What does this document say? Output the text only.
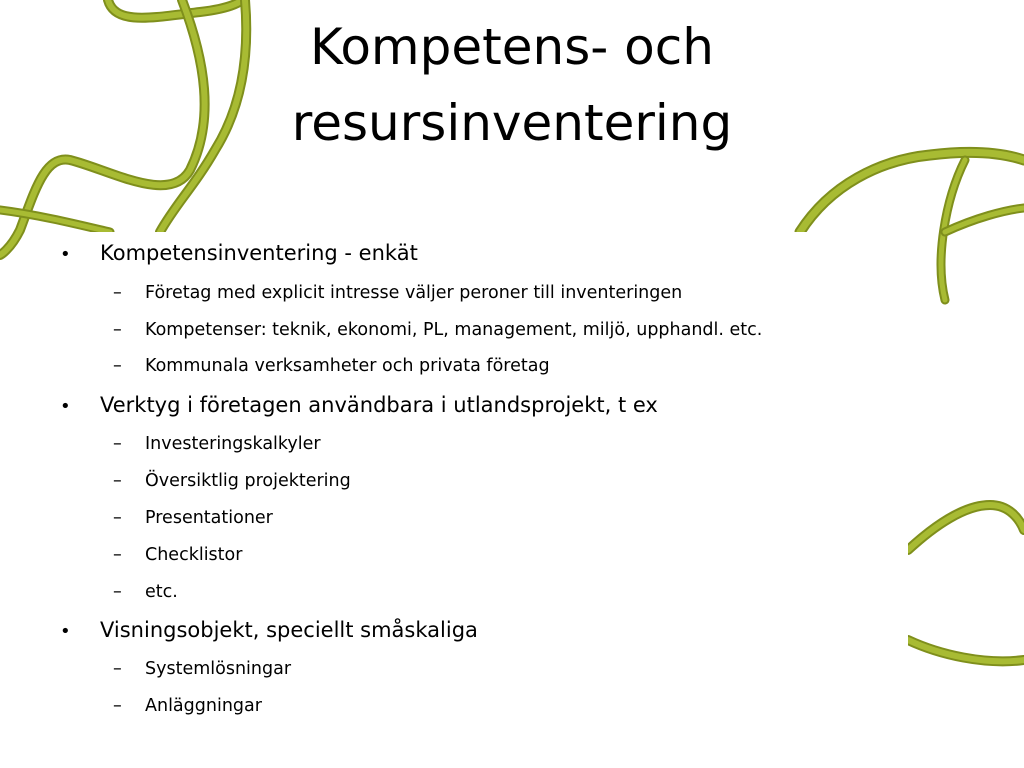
Kompetens- och
resursinventering
• Kompetensinventering - enkät
– Företag med explicit intresse väljer peroner till inventeringen
– Kompetenser: teknik, ekonomi, PL, management, miljö, upphandl. etc.
– Kommunala verksamheter och privata företag
• Verktyg i företagen användbara i utlandsprojekt, t ex
– Investeringskalkyler
– Översiktlig projektering
– Presentationer
– Checklistor
– etc.
• Visningsobjekt, speciellt småskaliga
– Systemlösningar
– Anläggningar
